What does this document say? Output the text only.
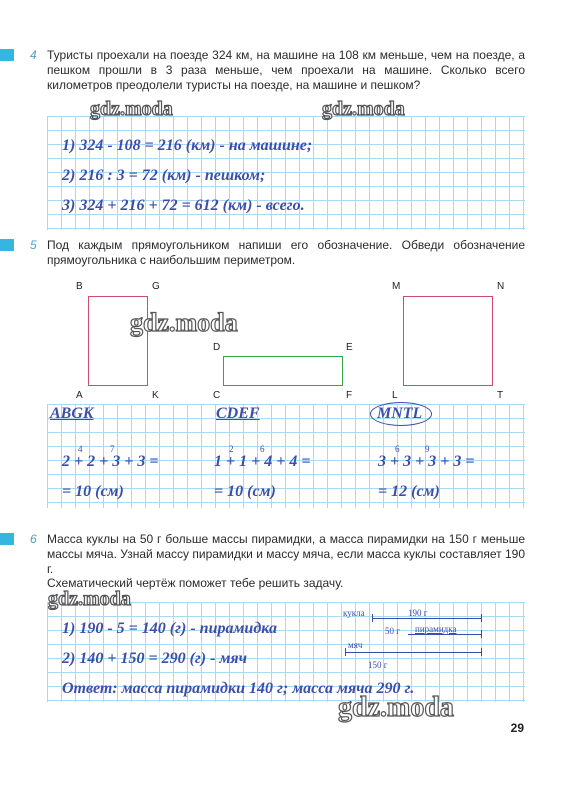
4 Туристы проехали на поезде 324 км, на машине на 108 км меньше, чем на поезде, а пешком прошли в 3 раза меньше, чем проехали на машине. Сколько всего километров преодолели туристы на поезде, на машине и пешком?
gdz.moda	gdz.moda
1) 324 - 108 = 216 (км) - на машине;
2) 216 : 3 = 72 (км) - пешком;
3) 324 + 216 + 72 = 612 (км) - всего.
5 Под каждым прямоугольником напиши его обозначение. Обведи обозначение прямоугольника с наибольшим периметром.
B	G
A	K
D	E
C	F
M	N
L	T
gdz.moda
ABGK	CDEF	MNTL
4	7
2 + 2 + 3 + 3 =
= 10 (см)
2	6
1 + 1 + 4 + 4 =
= 10 (см)
6	9
3 + 3 + 3 + 3 =
= 12 (см)
6 Масса куклы на 50 г больше массы пирамидки, а масса пирамидки на 150 г меньше массы мяча. Узнай массу пирамидки и массу мяча, если масса куклы составляет 190 г.
Схематический чертёж поможет тебе решить задачу.
gdz.moda
1) 190 - 5 = 140 (г) - пирамидка
2) 140 + 150 = 290 (г) - мяч
Ответ: масса пирамидки 140 г; масса мяча 290 г.
кукла	190 г
50 г пирамидка
мяч
150 г
gdz.moda
29
